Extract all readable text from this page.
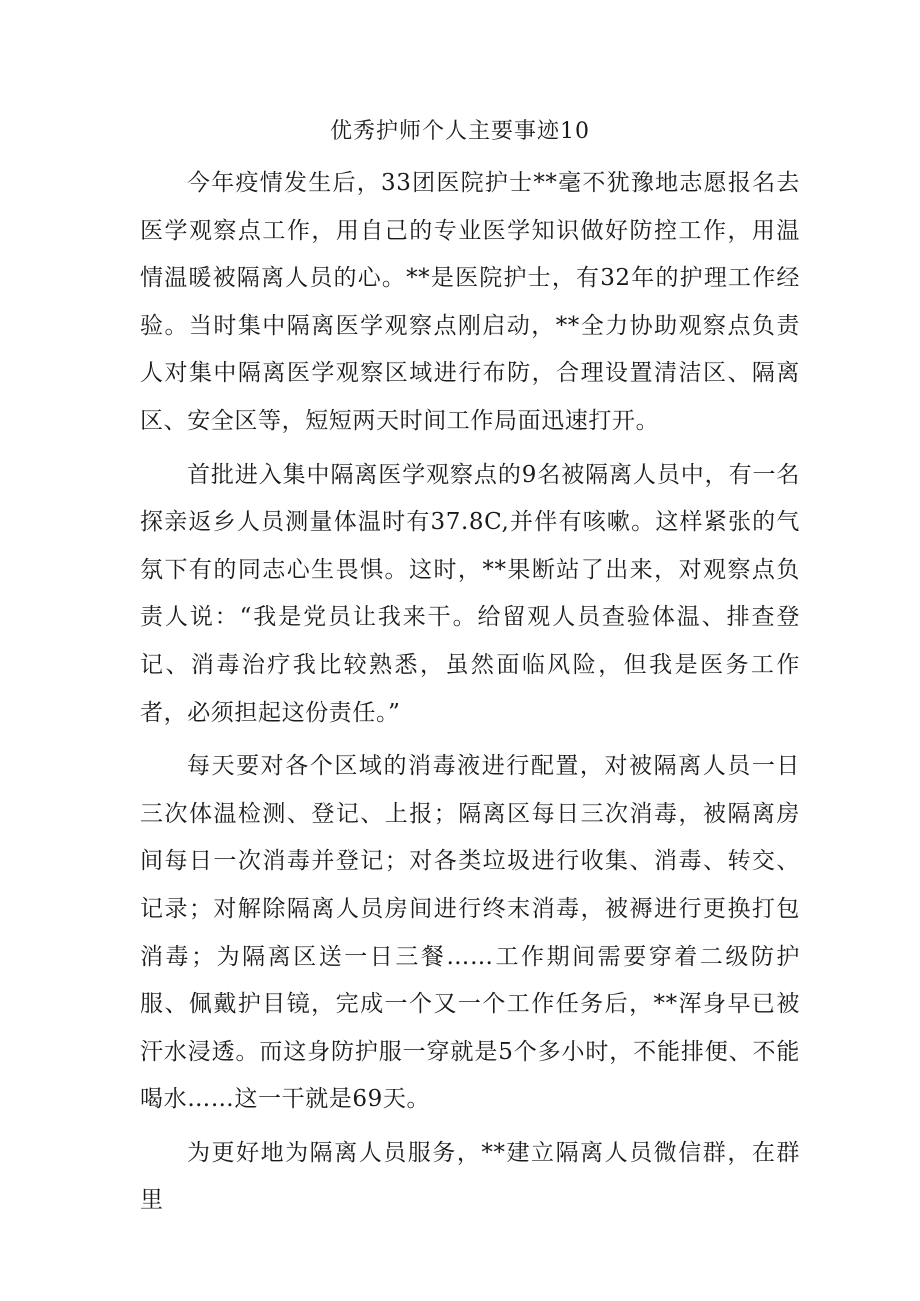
优秀护师个人主要事迹10

今年疫情发生后，33团医院护士**毫不犹豫地志愿报名去医学观察点工作，用自己的专业医学知识做好防控工作，用温情温暖被隔离人员的心。**是医院护士，有32年的护理工作经验。当时集中隔离医学观察点刚启动，**全力协助观察点负责人对集中隔离医学观察区域进行布防，合理设置清洁区、隔离区、安全区等，短短两天时间工作局面迅速打开。

首批进入集中隔离医学观察点的9名被隔离人员中，有一名探亲返乡人员测量体温时有37.8C,并伴有咳嗽。这样紧张的气氛下有的同志心生畏惧。这时，**果断站了出来，对观察点负责人说：“我是党员让我来干。给留观人员查验体温、排查登记、消毒治疗我比较熟悉，虽然面临风险，但我是医务工作者，必须担起这份责任。”

每天要对各个区域的消毒液进行配置，对被隔离人员一日三次体温检测、登记、上报；隔离区每日三次消毒，被隔离房间每日一次消毒并登记；对各类垃圾进行收集、消毒、转交、记录；对解除隔离人员房间进行终末消毒，被褥进行更换打包消毒；为隔离区送一日三餐……工作期间需要穿着二级防护服、佩戴护目镜，完成一个又一个工作任务后，**浑身早已被汗水浸透。而这身防护服一穿就是5个多小时，不能排便、不能喝水……这一干就是69天。

为更好地为隔离人员服务，**建立隔离人员微信群，在群里
